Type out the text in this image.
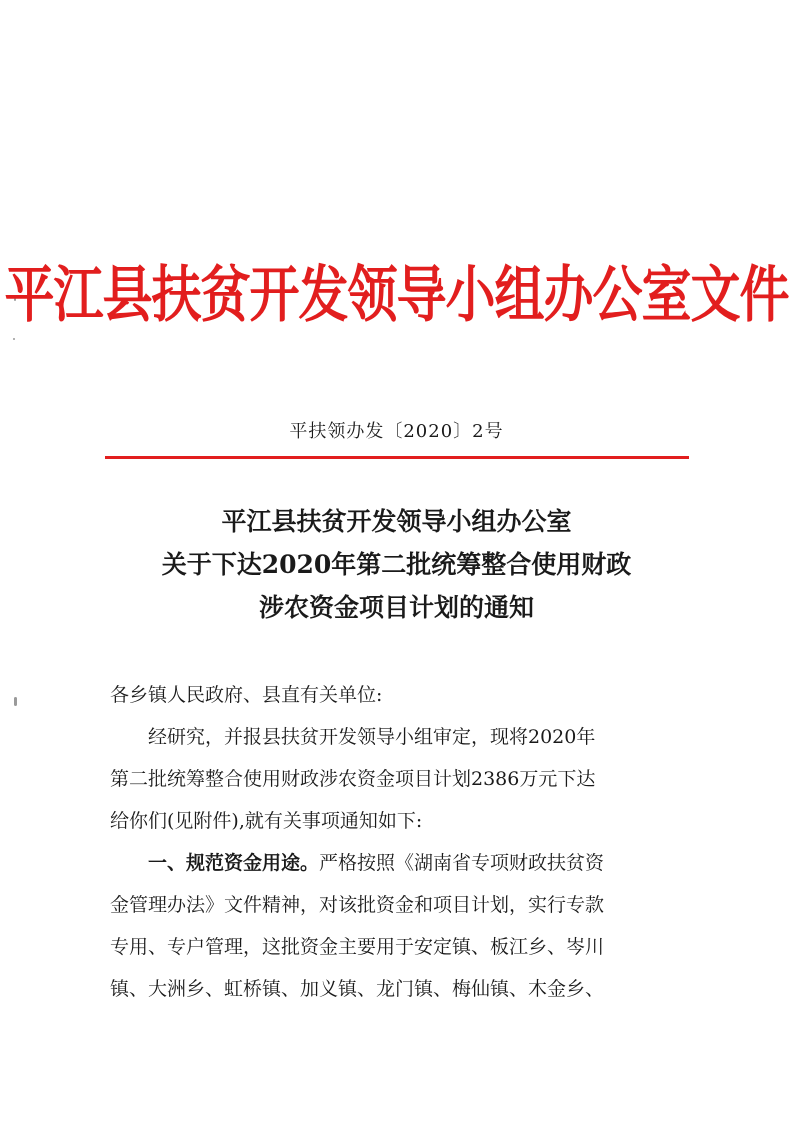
平江县扶贫开发领导小组办公室文件
平扶领办发〔2020〕2号
平江县扶贫开发领导小组办公室
关于下达2020年第二批统筹整合使用财政
涉农资金项目计划的通知

各乡镇人民政府、县直有关单位:

经研究，并报县扶贫开发领导小组审定，现将2020年
第二批统筹整合使用财政涉农资金项目计划2386万元下达
给你们(见附件),就有关事项通知如下:

一、规范资金用途。严格按照《湖南省专项财政扶贫资
金管理办法》文件精神，对该批资金和项目计划，实行专款
专用、专户管理，这批资金主要用于安定镇、板江乡、岑川
镇、大洲乡、虹桥镇、加义镇、龙门镇、梅仙镇、木金乡、
